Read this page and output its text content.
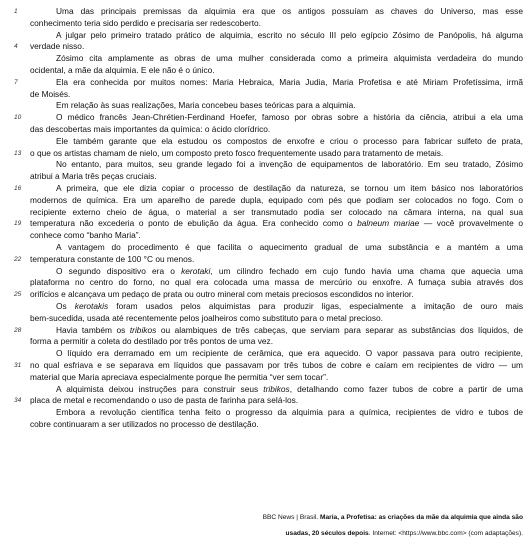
1	Uma das principais premissas da alquimia era que os antigos possuíam as chaves do Universo, mas esse
conhecimento teria sido perdido e precisaria ser redescoberto.
A julgar pelo primeiro tratado prático de alquimia, escrito no século III pelo egípcio Zósimo de Panópolis, há alguma
4	verdade nisso.
Zósimo cita amplamente as obras de uma mulher considerada como a primeira alquimista verdadeira do mundo
ocidental, a mãe da alquimia. E ele não é o único.
7	Ela era conhecida por muitos nomes: Maria Hebraica, Maria Judia, Maria Profetisa e até Miriam Profetíssima, irmã
de Moisés.
Em relação às suas realizações, Maria concebeu bases teóricas para a alquimia.
10	O médico francês Jean-Chrétien-Ferdinand Hoefer, famoso por obras sobre a história da ciência, atribui a ela uma
das descobertas mais importantes da química: o ácido clorídrico.
Ele também garante que ela estudou os compostos de enxofre e criou o processo para fabricar sulfeto de prata,
13	o que os artistas chamam de nielo, um composto preto fosco frequentemente usado para tratamento de metais.
No entanto, para muitos, seu grande legado foi a invenção de equipamentos de laboratório. Em seu tratado, Zósimo
atribui a Maria três peças cruciais.
16	A primeira, que ele dizia copiar o processo de destilação da natureza, se tornou um item básico nos laboratórios
modernos de química. Era um aparelho de parede dupla, equipado com pés que podiam ser colocados no fogo. Com o
recipiente externo cheio de água, o material a ser transmutado podia ser colocado na câmara interna, na qual sua
19	temperatura não excederia o ponto de ebulição da água. Era conhecido como o balneum mariae — você provavelmente o
conhece como “banho Maria”.
A vantagem do procedimento é que facilita o aquecimento gradual de uma substância e a mantém a uma
22	temperatura constante de 100 °C ou menos.
O segundo dispositivo era o kerotaki, um cilindro fechado em cujo fundo havia uma chama que aquecia uma
plataforma no centro do forno, no qual era colocada uma massa de mercúrio ou enxofre. A fumaça subia através dos
25	orifícios e alcançava um pedaço de prata ou outro mineral com metais preciosos escondidos no interior.
Os kerotakis foram usados pelos alquimistas para produzir ligas, especialmente a imitação de ouro mais
bem-sucedida, usada até recentemente pelos joalheiros como substituto para o metal precioso.
28	Havia também os tribikos ou alambiques de três cabeças, que serviam para separar as substâncias dos líquidos, de
forma a permitir a coleta do destilado por três pontos de uma vez.
O líquido era derramado em um recipiente de cerâmica, que era aquecido. O vapor passava para outro recipiente,
31	no qual esfriava e se separava em líquidos que passavam por três tubos de cobre e caíam em recipientes de vidro — um
material que Maria apreciava especialmente porque lhe permitia “ver sem tocar”.
A alquimista deixou instruções para construir seus tribikos, detalhando como fazer tubos de cobre a partir de uma
34	placa de metal e recomendando o uso de pasta de farinha para selá-los.
Embora a revolução científica tenha feito o progresso da alquimia para a química, recipientes de vidro e tubos de
cobre continuaram a ser utilizados no processo de destilação.
BBC News | Brasil. Maria, a Profetisa: as criações da mãe da alquimia que ainda são
usadas, 20 séculos depois. Internet: <https://www.bbc.com> (com adaptações).
